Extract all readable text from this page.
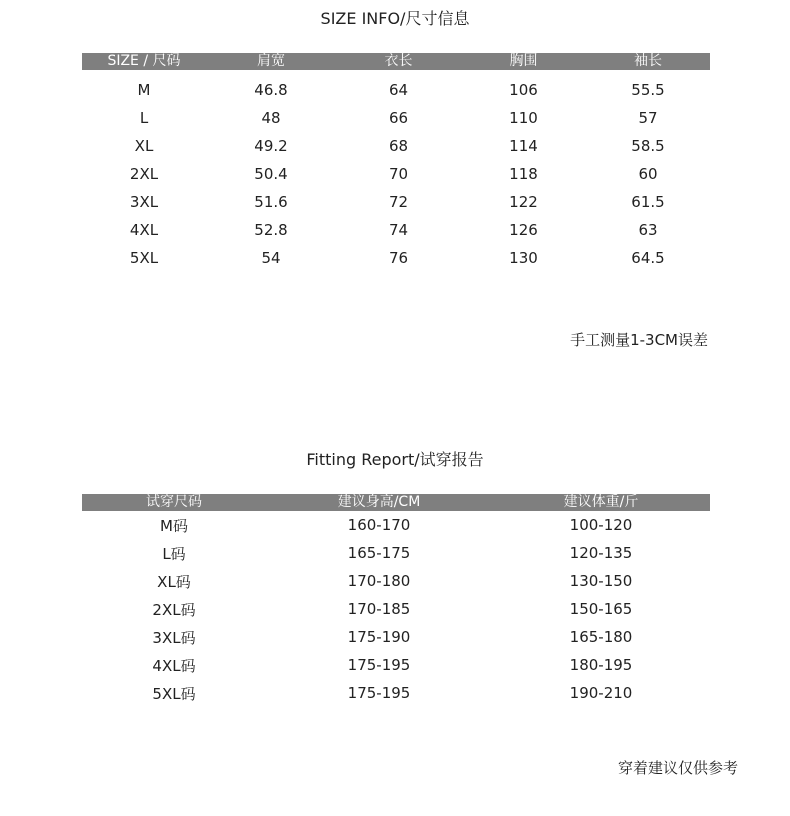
SIZE INFO/尺寸信息
SIZE / 尺码	肩宽	衣长	胸围	袖长
M	46.8	64	106	55.5
L	48	66	110	57
XL	49.2	68	114	58.5
2XL	50.4	70	118	60
3XL	51.6	72	122	61.5
4XL	52.8	74	126	63
5XL	54	76	130	64.5
手工测量1-3CM误差
Fitting Report/试穿报告
试穿尺码	建议身高/CM	建议体重/斤
M码	160-170	100-120
L码	165-175	120-135
XL码	170-180	130-150
2XL码	170-185	150-165
3XL码	175-190	165-180
4XL码	175-195	180-195
5XL码	175-195	190-210
穿着建议仅供参考
